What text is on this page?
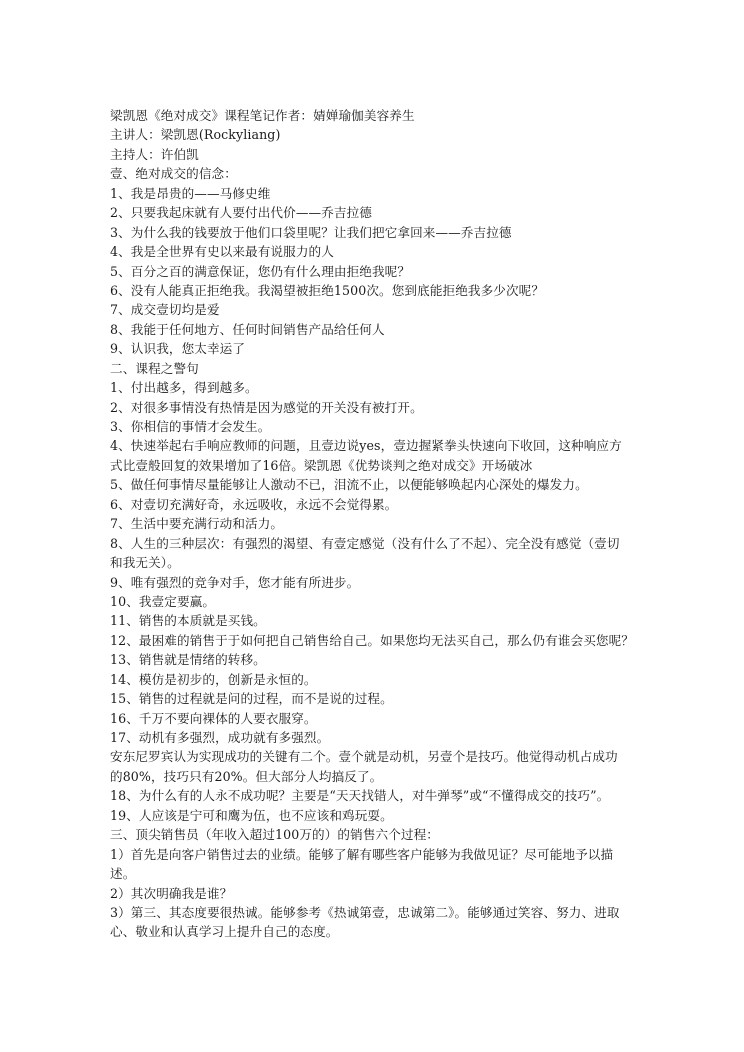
梁凯恩《绝对成交》课程笔记作者：婧婵瑜伽美容养生
主讲人：梁凯恩(Rockyliang)
主持人：许伯凯
壹、绝对成交的信念：
1、我是昂贵的——马修史维
2、只要我起床就有人要付出代价——乔吉拉德
3、为什么我的钱要放于他们口袋里呢？让我们把它拿回来——乔吉拉德
4、我是全世界有史以来最有说服力的人
5、百分之百的满意保证，您仍有什么理由拒绝我呢？
6、没有人能真正拒绝我。我渴望被拒绝1500次。您到底能拒绝我多少次呢？
7、成交壹切均是爱
8、我能于任何地方、任何时间销售产品给任何人
9、认识我，您太幸运了
二、课程之警句
1、付出越多，得到越多。
2、对很多事情没有热情是因为感觉的开关没有被打开。
3、你相信的事情才会发生。
4、快速举起右手响应教师的问题，且壹边说yes，壹边握紧拳头快速向下收回，这种响应方
式比壹般回复的效果增加了16倍。梁凯恩《优势谈判之绝对成交》开场破冰
5、做任何事情尽量能够让人激动不已，泪流不止，以便能够唤起内心深处的爆发力。
6、对壹切充满好奇，永远吸收，永远不会觉得累。
7、生活中要充满行动和活力。
8、人生的三种层次：有强烈的渴望、有壹定感觉（没有什么了不起）、完全没有感觉（壹切
和我无关）。
9、唯有强烈的竞争对手，您才能有所进步。
10、我壹定要赢。
11、销售的本质就是买钱。
12、最困难的销售于于如何把自己销售给自己。如果您均无法买自己，那么仍有谁会买您呢？
13、销售就是情绪的转移。
14、模仿是初步的，创新是永恒的。
15、销售的过程就是问的过程，而不是说的过程。
16、千万不要向裸体的人要衣服穿。
17、动机有多强烈，成功就有多强烈。
安东尼罗宾认为实现成功的关键有二个。壹个就是动机，另壹个是技巧。他觉得动机占成功
的80%，技巧只有20%。但大部分人均搞反了。
18、为什么有的人永不成功呢？主要是“天天找错人，对牛弹琴”或“不懂得成交的技巧”。
19、人应该是宁可和鹰为伍，也不应该和鸡玩耍。
三、顶尖销售员（年收入超过100万的）的销售六个过程：
1）首先是向客户销售过去的业绩。能够了解有哪些客户能够为我做见证？尽可能地予以描
述。
2）其次明确我是谁？
3）第三、其态度要很热诚。能够参考《热诚第壹，忠诚第二》。能够通过笑容、努力、进取
心、敬业和认真学习上提升自己的态度。
